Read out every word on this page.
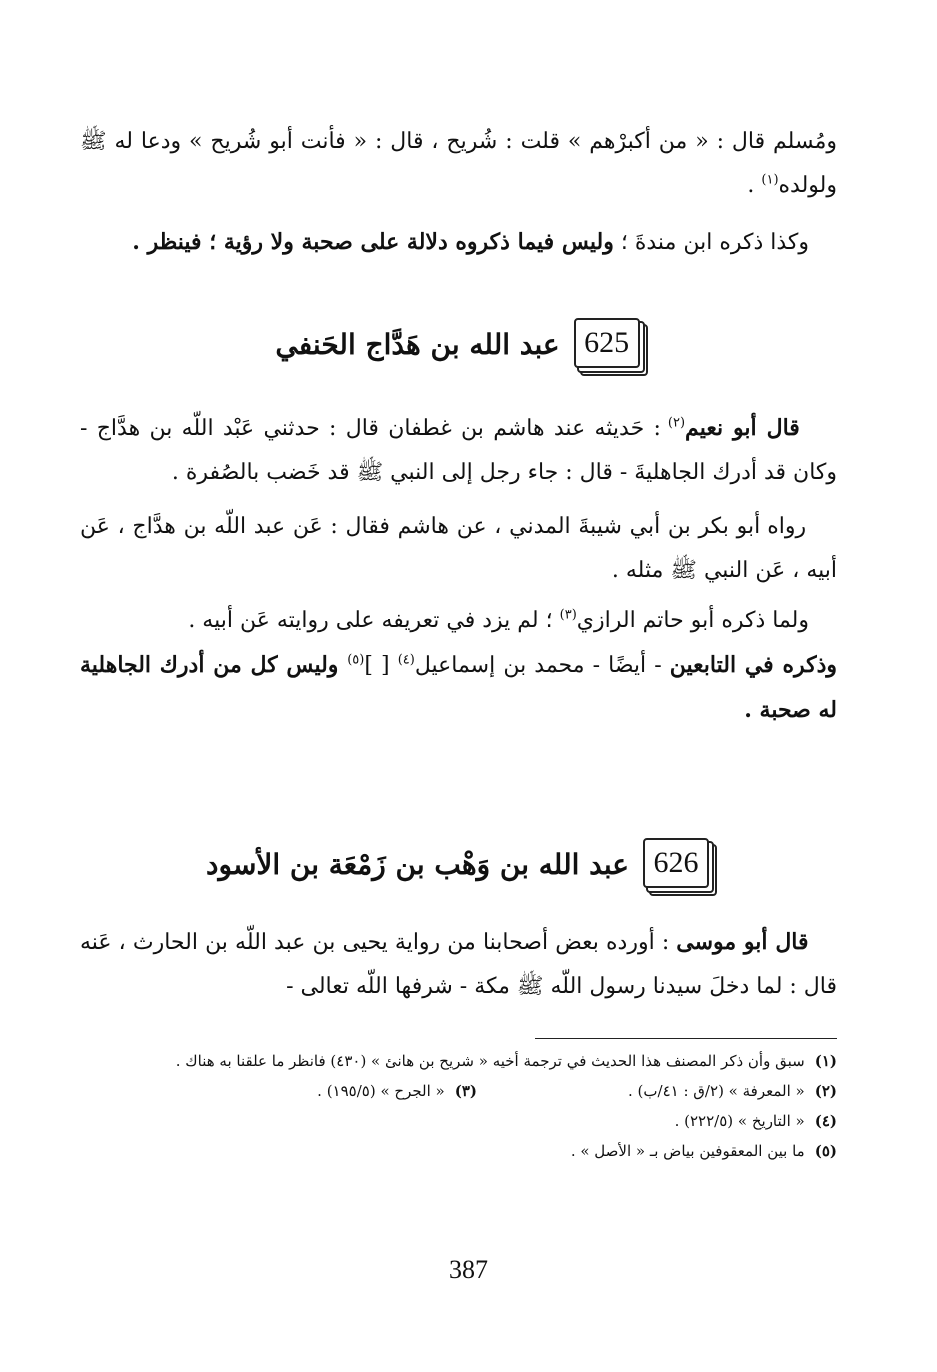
ومُسلم قال : « من أكبرْهم » قلت : شُريح ، قال : « فأنت أبو شُريح » ودعا له ﷺ ولولده$^{(١)}$ .

وكذا ذكره ابن مندةَ ؛ وليس فيما ذكروه دلالة على صحبة ولا رؤية ؛ فينظر .

625
عبد الله بن هَدَّاج الحَنفي

قال أبو نعيم$^{(٢)}$ : حَديثه عند هاشم بن غطفان قال : حدثني عَبْد اللّه بن هدَّاج - وكان قد أدرك الجاهليةَ - قال : جاء رجل إلى النبي ﷺ قد خَضب بالصُفرة .

رواه أبو بكر بن أبي شيبةَ المدني ، عن هاشم فقال : عَن عبد اللّه بن هدَّاج ، عَن أبيه ، عَن النبي ﷺ مثله .

ولما ذكره أبو حاتم الرازي$^{(٣)}$ ؛ لم يزد في تعريفه على روايته عَن أبيه .

وذكره في التابعين - أيضًا - محمد بن إسماعيل$^{(٤)}$ [ ]$^{(٥)}$ وليس كل من أدرك الجاهلية له صحبة .

626
عبد الله بن وَهْب بن زَمْعَة بن الأسود

قال أبو موسى : أورده بعض أصحابنا من رواية يحيى بن عبد اللّه بن الحارث ، عَنه قال : لما دخلَ سيدنا رسول اللّه ﷺ مكة - شرفها اللّه تعالى -

(١)
سبق وأن ذكر المصنف هذا الحديث في ترجمة أخيه « شريح بن هانئ » (٤٣٠) فانظر ما علقنا به هناك .
(٢)
« المعرفة » (٢/ق : ٤١/ب) .
(٣)
« الجرح » (١٩٥/٥) .
(٤)
« التاريخ » (٢٢٢/٥) .
(٥)
ما بين المعقوفين بياض بـ « الأصل » .
387
